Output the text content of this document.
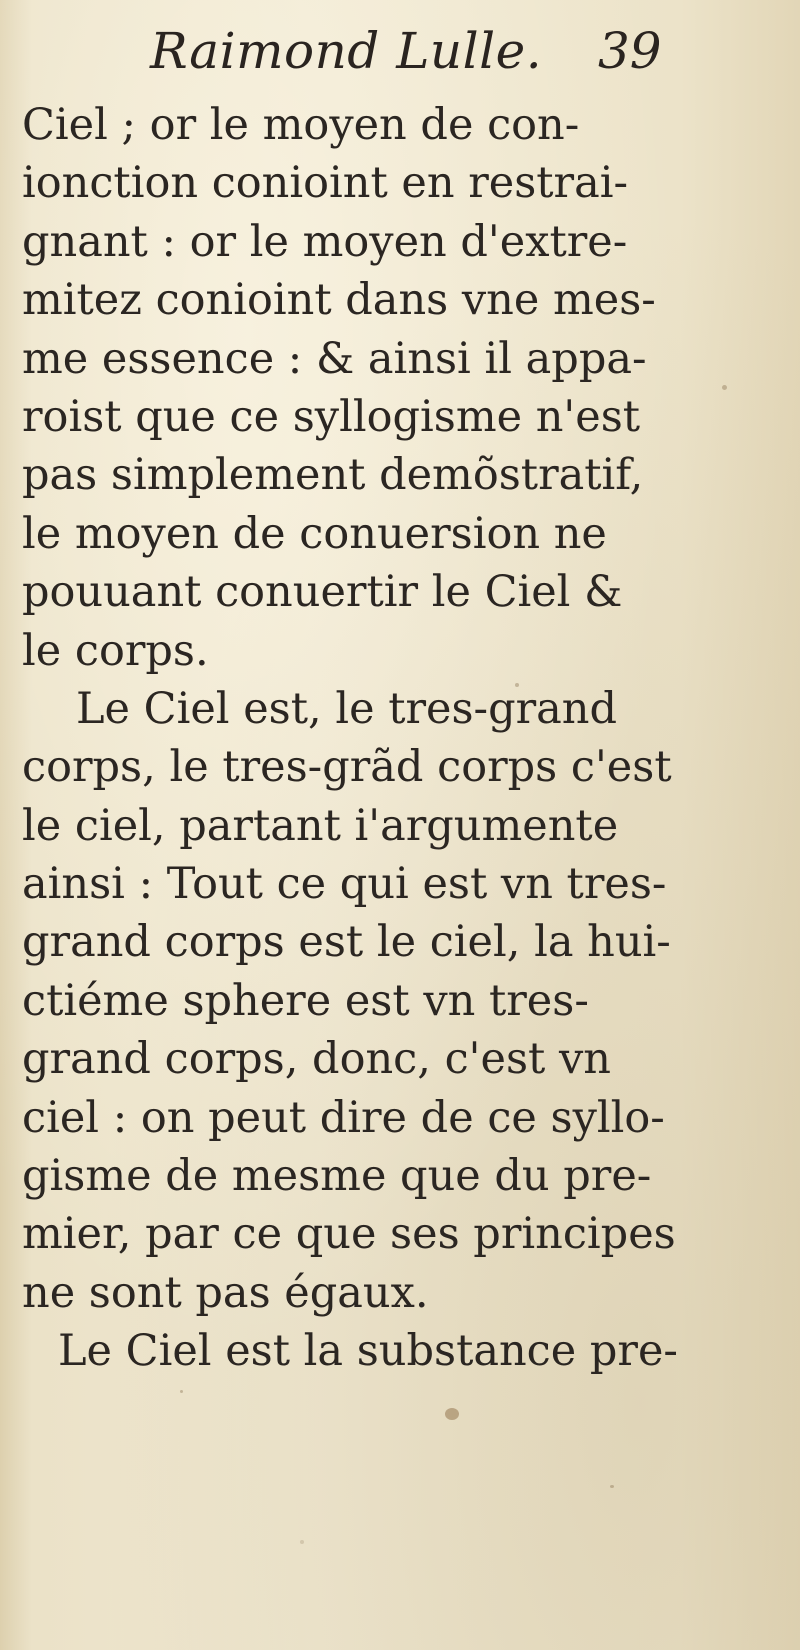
Raimond Lulle. 39
Ciel ; or le moyen de con-
ionction conioint en restrai-
gnant : or le moyen d'extre-
mitez conioint dans vne mes-
me essence : & ainsi il appa-
roist que ce syllogisme n'est
pas simplement demõstratif,
le moyen de conuersion ne
pouuant conuertir le Ciel &
le corps.
Le Ciel est, le tres-grand
corps, le tres-grãd corps c'est
le ciel, partant i'argumente
ainsi : Tout ce qui est vn tres-
grand corps est le ciel, la hui-
ctiéme sphere est vn tres-
grand corps, donc, c'est vn
ciel : on peut dire de ce syllo-
gisme de mesme que du pre-
mier, par ce que ses principes
ne sont pas égaux.
Le Ciel est la substance pre-
